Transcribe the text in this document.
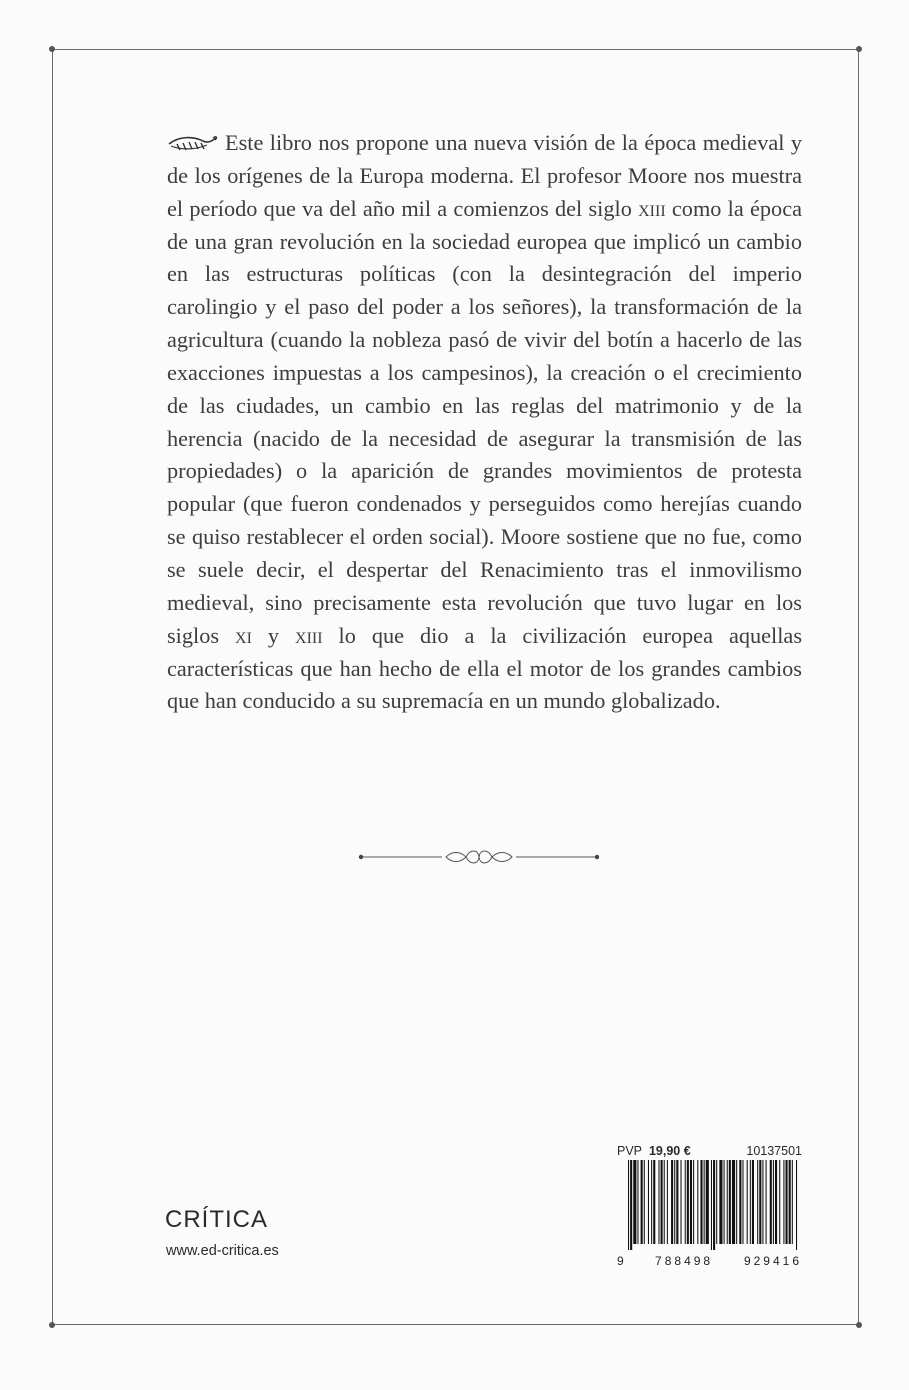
Este libro nos propone una nueva visión de la época medieval y de los orígenes de la Europa moderna. El profesor Moore nos muestra el período que va del año mil a comienzos del siglo xiii como la época de una gran revolución en la sociedad europea que implicó un cambio en las estructuras políticas (con la desintegración del imperio carolingio y el paso del poder a los señores), la transformación de la agricultura (cuando la nobleza pasó de vivir del botín a hacerlo de las exacciones impuestas a los campesinos), la creación o el crecimiento de las ciudades, un cambio en las reglas del matrimonio y de la herencia (nacido de la necesidad de asegurar la transmisión de las propiedades) o la aparición de grandes movimientos de protesta popular (que fueron condenados y perseguidos como herejías cuando se quiso restablecer el orden social). Moore sostiene que no fue, como se suele decir, el despertar del Renacimiento tras el inmovilismo medieval, sino precisamente esta revolución que tuvo lugar en los siglos xi y xiii lo que dio a la civilización europea aquellas características que han hecho de ella el motor de los grandes cambios que han conducido a su supremacía en un mundo globalizado.
PVP 19,90 €	10137501
9	788498	929416
CRÍTICA
www.ed-critica.es
